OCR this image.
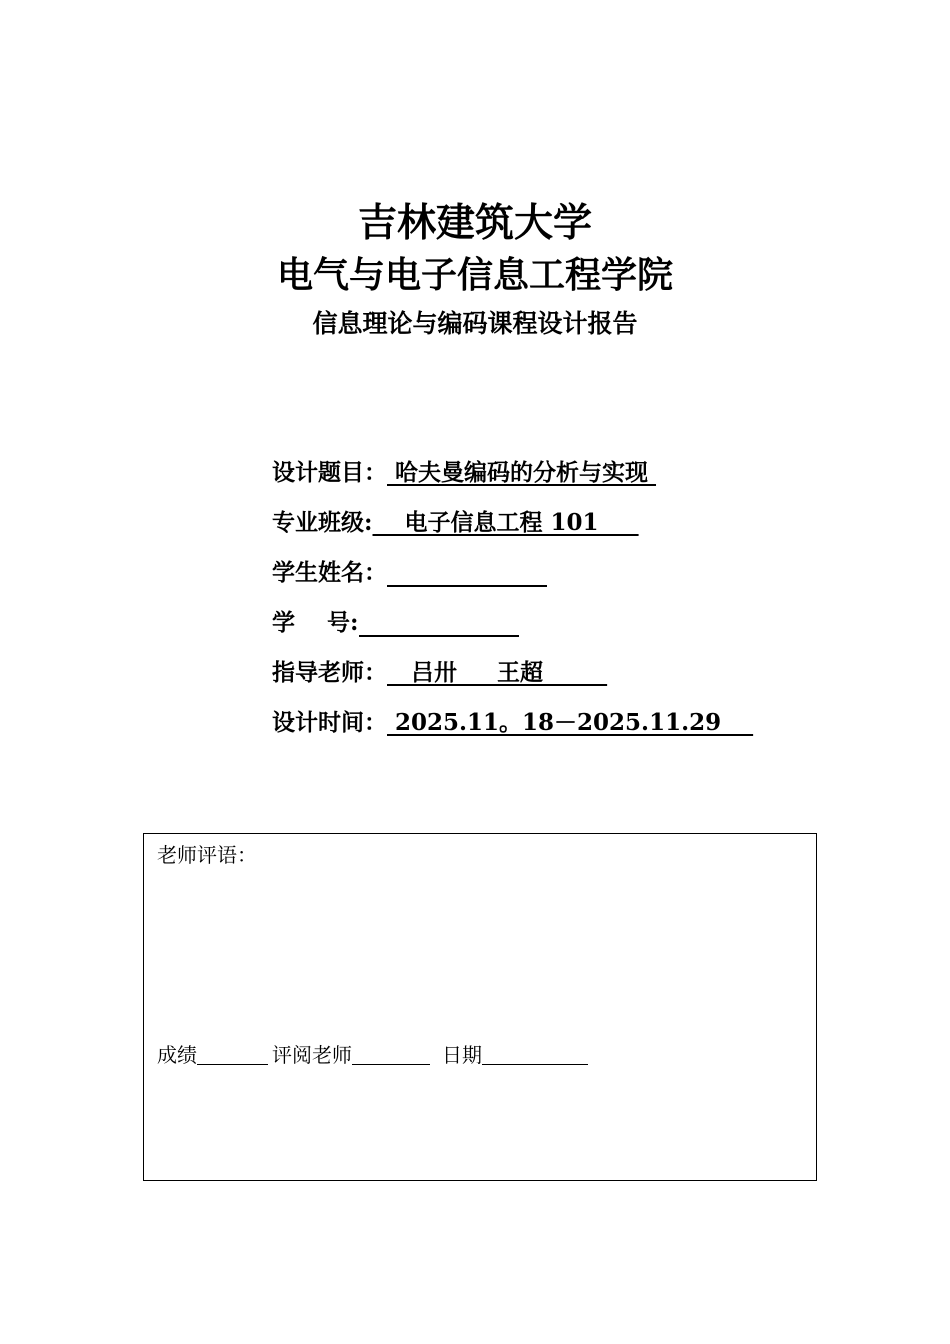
吉林建筑大学
电气与电子信息工程学院
信息理论与编码课程设计报告
设计题目： 哈夫曼编码的分析与实现
专业班级:    电子信息工程 101
学生姓名：
学    号:
指导老师：   吕卅     王超
设计时间： 2025.11。18－2025.11.29
老师评语：
成绩	评阅老师	日期
